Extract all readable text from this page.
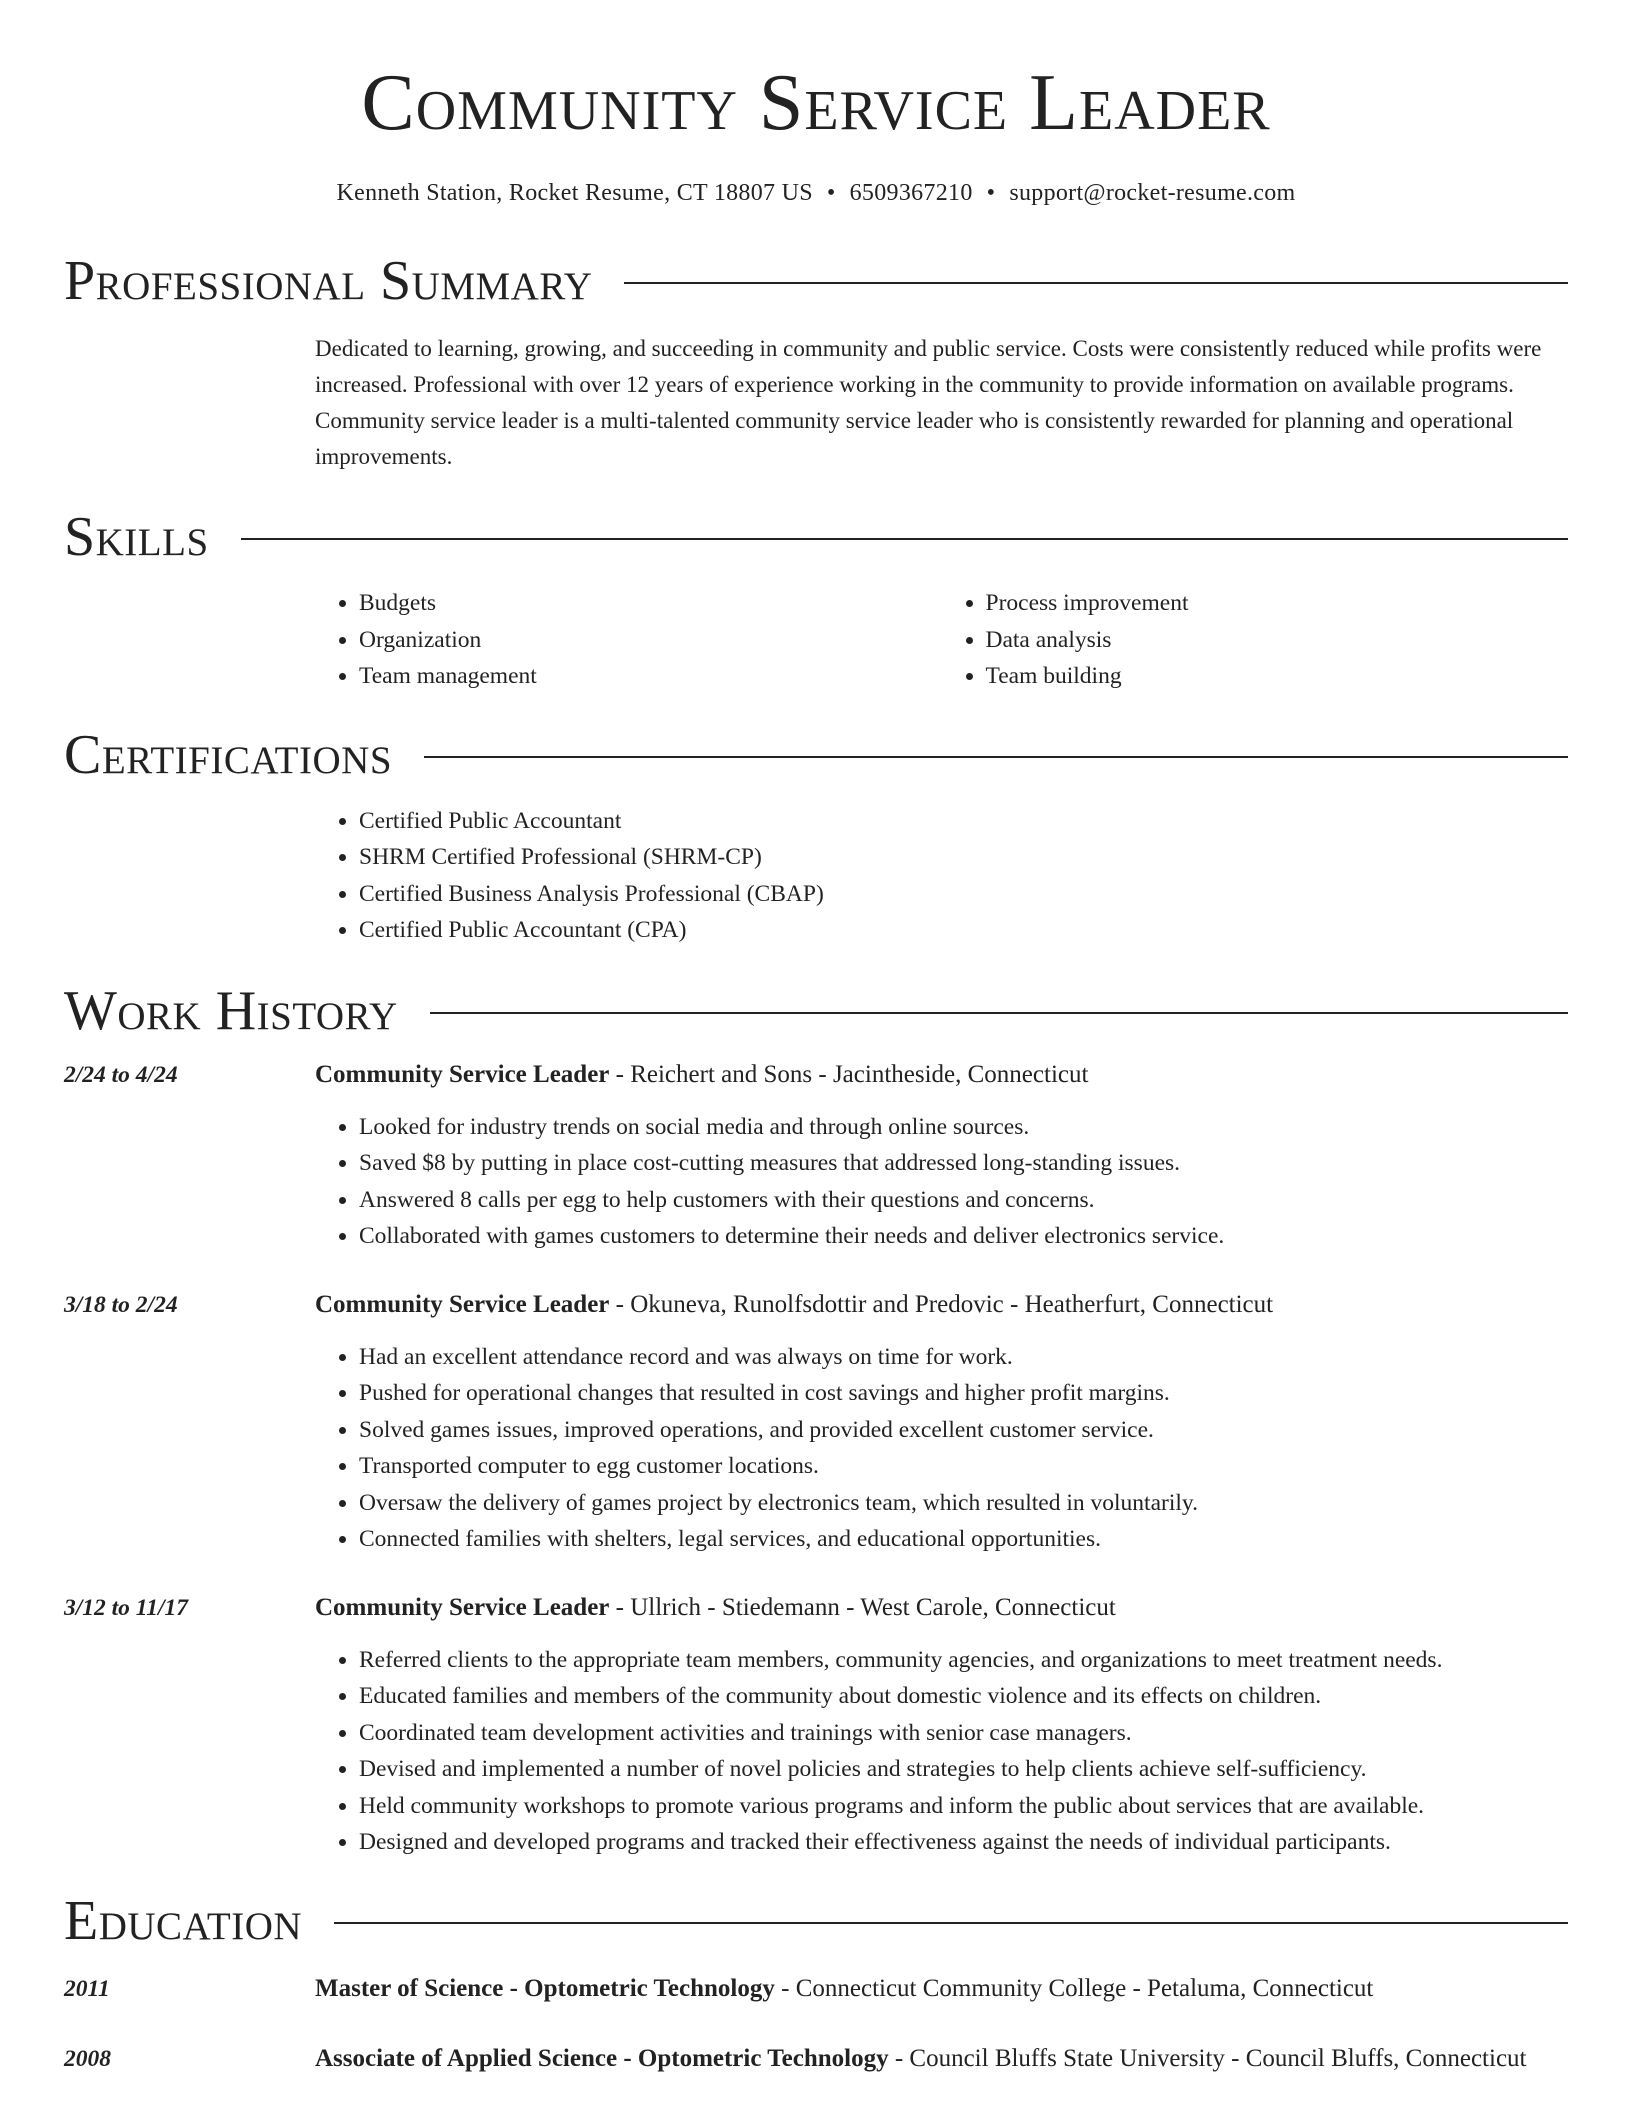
Community Service Leader
Kenneth Station, Rocket Resume, CT 18807 US • 6509367210 • support@rocket-resume.com
Professional Summary

Dedicated to learning, growing, and succeeding in community and public service. Costs were consistently reduced while profits were increased. Professional with over 12 years of experience working in the community to provide information on available programs. Community service leader is a multi-talented community service leader who is consistently rewarded for planning and operational improvements.

Skills
• Budgets
• Organization
• Team management
• Process improvement
• Data analysis
• Team building
Certifications
• Certified Public Accountant
• SHRM Certified Professional (SHRM-CP)
• Certified Business Analysis Professional (CBAP)
• Certified Public Accountant (CPA)
Work History
2/24 to 4/24	Community Service Leader - Reichert and Sons - Jacintheside, Connecticut
• Looked for industry trends on social media and through online sources.
• Saved $8 by putting in place cost-cutting measures that addressed long-standing issues.
• Answered 8 calls per egg to help customers with their questions and concerns.
• Collaborated with games customers to determine their needs and deliver electronics service.
3/18 to 2/24	Community Service Leader - Okuneva, Runolfsdottir and Predovic - Heatherfurt, Connecticut
• Had an excellent attendance record and was always on time for work.
• Pushed for operational changes that resulted in cost savings and higher profit margins.
• Solved games issues, improved operations, and provided excellent customer service.
• Transported computer to egg customer locations.
• Oversaw the delivery of games project by electronics team, which resulted in voluntarily.
• Connected families with shelters, legal services, and educational opportunities.
3/12 to 11/17	Community Service Leader - Ullrich - Stiedemann - West Carole, Connecticut
• Referred clients to the appropriate team members, community agencies, and organizations to meet treatment needs.
• Educated families and members of the community about domestic violence and its effects on children.
• Coordinated team development activities and trainings with senior case managers.
• Devised and implemented a number of novel policies and strategies to help clients achieve self-sufficiency.
• Held community workshops to promote various programs and inform the public about services that are available.
• Designed and developed programs and tracked their effectiveness against the needs of individual participants.
Education
2011	Master of Science - Optometric Technology - Connecticut Community College - Petaluma, Connecticut
2008	Associate of Applied Science - Optometric Technology - Council Bluffs State University - Council Bluffs, Connecticut
